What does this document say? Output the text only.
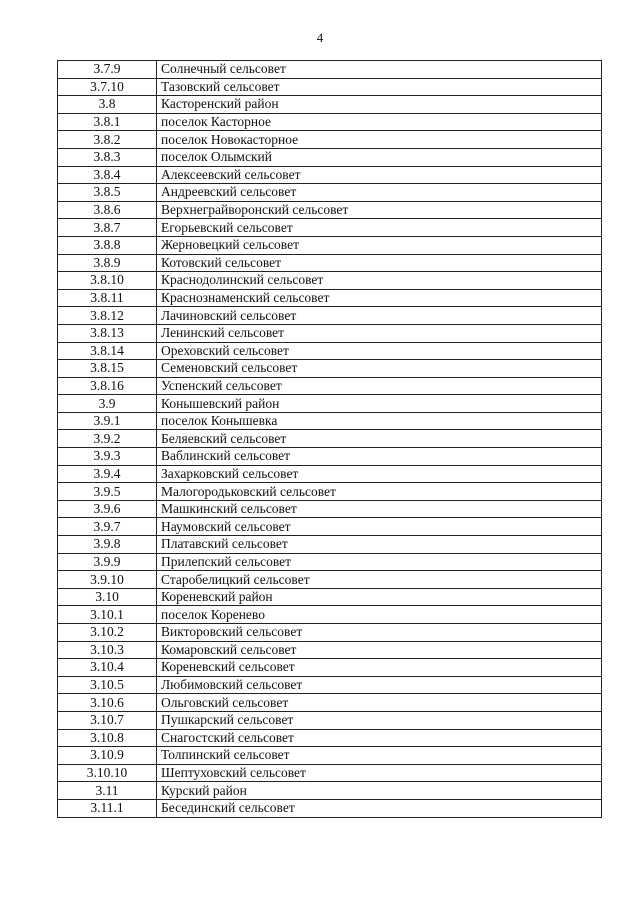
4
3.7.9	Солнечный сельсовет
3.7.10	Тазовский сельсовет
3.8	Касторенский район
3.8.1	поселок Касторное
3.8.2	поселок Новокасторное
3.8.3	поселок Олымский
3.8.4	Алексеевский сельсовет
3.8.5	Андреевский сельсовет
3.8.6	Верхнеграйворонский сельсовет
3.8.7	Егорьевский сельсовет
3.8.8	Жерновецкий сельсовет
3.8.9	Котовский сельсовет
3.8.10	Краснодолинский сельсовет
3.8.11	Краснознаменский сельсовет
3.8.12	Лачиновский сельсовет
3.8.13	Ленинский сельсовет
3.8.14	Ореховский сельсовет
3.8.15	Семеновский сельсовет
3.8.16	Успенский сельсовет
3.9	Конышевский район
3.9.1	поселок Конышевка
3.9.2	Беляевский сельсовет
3.9.3	Ваблинский сельсовет
3.9.4	Захарковский сельсовет
3.9.5	Малогородьковский сельсовет
3.9.6	Машкинский сельсовет
3.9.7	Наумовский сельсовет
3.9.8	Платавский сельсовет
3.9.9	Прилепский сельсовет
3.9.10	Старобелицкий сельсовет
3.10	Кореневский район
3.10.1	поселок Коренево
3.10.2	Викторовский сельсовет
3.10.3	Комаровский сельсовет
3.10.4	Кореневский сельсовет
3.10.5	Любимовский сельсовет
3.10.6	Ольговский сельсовет
3.10.7	Пушкарский сельсовет
3.10.8	Снагостский сельсовет
3.10.9	Толпинский сельсовет
3.10.10	Шептуховский сельсовет
3.11	Курский район
3.11.1	Бесединский сельсовет
